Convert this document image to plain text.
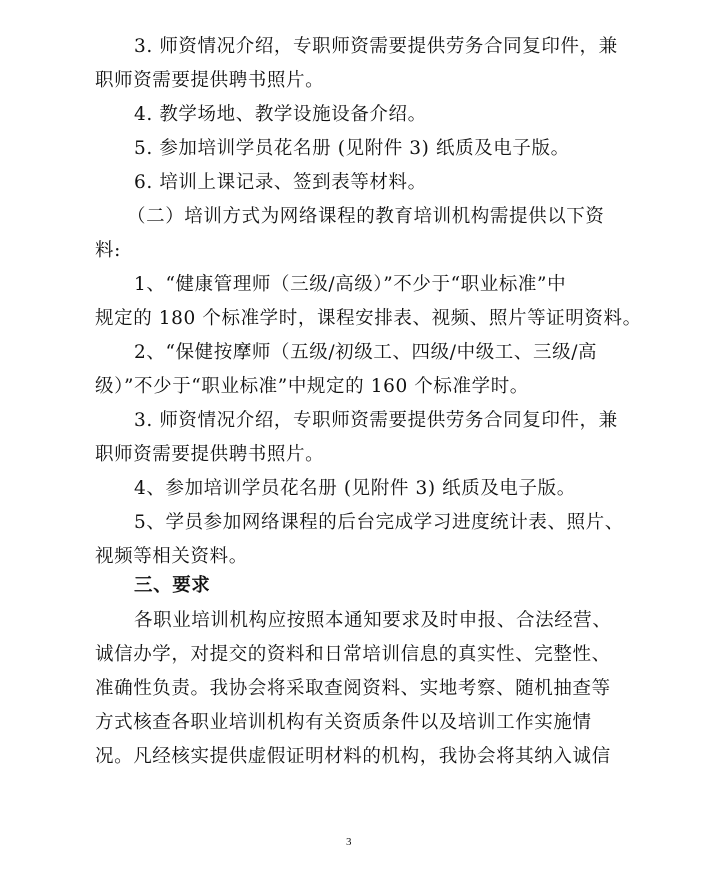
3. 师资情况介绍，专职师资需要提供劳务合同复印件，兼
职师资需要提供聘书照片。
4. 教学场地、教学设施设备介绍。
5. 参加培训学员花名册 (见附件 3) 纸质及电子版。
6. 培训上课记录、签到表等材料。
（二）培训方式为网络课程的教育培训机构需提供以下资
料:
1、“健康管理师（三级/高级）”不少于“职业标准”中
规定的 180 个标准学时，课程安排表、视频、照片等证明资料。
2、“保健按摩师（五级/初级工、四级/中级工、三级/高
级）”不少于“职业标准”中规定的 160 个标准学时。
3. 师资情况介绍，专职师资需要提供劳务合同复印件，兼
职师资需要提供聘书照片。
4、参加培训学员花名册 (见附件 3) 纸质及电子版。
5、学员参加网络课程的后台完成学习进度统计表、照片、
视频等相关资料。
三、要求
各职业培训机构应按照本通知要求及时申报、合法经营、
诚信办学，对提交的资料和日常培训信息的真实性、完整性、
准确性负责。我协会将采取查阅资料、实地考察、随机抽查等
方式核查各职业培训机构有关资质条件以及培训工作实施情
况。凡经核实提供虚假证明材料的机构，我协会将其纳入诚信
3
